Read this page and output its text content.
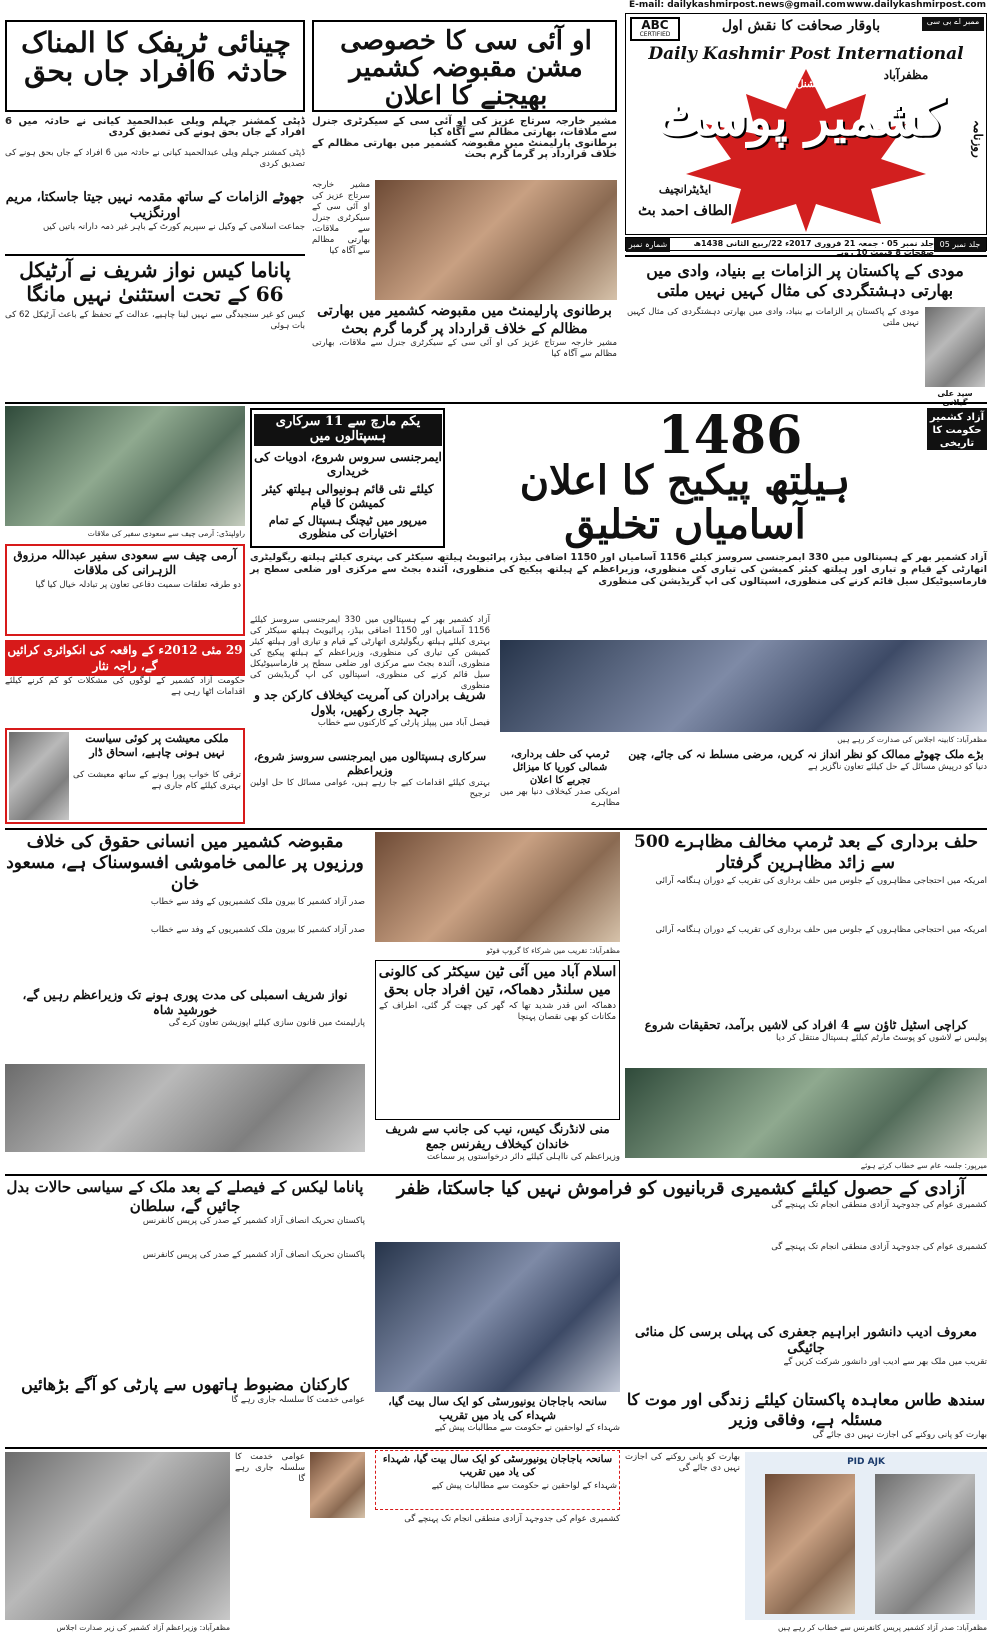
E-mail: dailykashmirpost.news@gmail.com www.dailykashmirpost.com
ABC
CERTIFIED
باوقار صحافت کا نقش اول	ممبر اے بی سی
Daily Kashmir Post International
کشمیر پوسٹ
انٹرنیشنل
مظفرآباد
روزنامہ
ایڈیٹرانچیف
الطاف احمد بٹ
شمارہ نمبر 357
جلد نمبر 05 · جمعہ 21 فروری 2017ء 22/ربیع الثانی 1438ھ صفحات 8 قیمت 10 روپے
جلد نمبر 05
چینائی ٹریفک کا المناک حادثہ 6افراد جاں بحق
ڈپٹی کمشنر جہلم ویلی عبدالحمید کیانی نے حادثہ میں 6 افراد کے جاں بحق ہونے کی تصدیق کردی
ڈپٹی کمشنر جہلم ویلی عبدالحمید کیانی نے حادثہ میں 6 افراد کے جاں بحق ہونے کی تصدیق کردی
او آئی سی کا خصوصی مشن مقبوضہ کشمیر بھیجنے کا اعلان
مشیر خارجہ سرتاج عزیز کی او آئی سی کے سیکرٹری جنرل سے ملاقات، بھارتی مظالم سے آگاہ کیا
برطانوی پارلیمنٹ میں مقبوضہ کشمیر میں بھارتی مظالم کے خلاف قرارداد پر گرما گرم بحث
مشیر خارجہ سرتاج عزیز کی او آئی سی کے سیکرٹری جنرل سے ملاقات، بھارتی مظالم سے آگاہ کیا
جھوٹے الزامات کے ساتھ مقدمہ نہیں جیتا جاسکتا، مریم اورنگزیب
جماعت اسلامی کے وکیل نے سپریم کورٹ کے باہر غیر ذمہ دارانہ باتیں کیں
پاناما کیس نواز شریف نے آرٹیکل 66 کے تحت استثنیٰ نہیں مانگا
کیس کو غیر سنجیدگی سے نہیں لینا چاہیے، عدالت کے تحفظ کے باعث آرٹیکل 62 کی بات ہوئی
برطانوی پارلیمنٹ میں مقبوضہ کشمیر میں بھارتی مظالم کے خلاف قرارداد پر گرما گرم بحث
مشیر خارجہ سرتاج عزیز کی او آئی سی کے سیکرٹری جنرل سے ملاقات، بھارتی مظالم سے آگاہ کیا
مودی کے پاکستان پر الزامات بے بنیاد، وادی میں بھارتی دہشتگردی کی مثال کہیں نہیں ملتی
سید علی
مودی کے پاکستان پر الزامات بے بنیاد، وادی میں بھارتی دہشتگردی کی مثال کہیں نہیں ملتی
راولپنڈی: آرمی چیف سے سعودی سفیر کی ملاقات
یکم مارچ سے 11 سرکاری ہسپتالوں میں
ایمرجنسی سروس شروع، ادویات کی خریداری
کیلئے نئی قائم ہونیوالی ہیلتھ کیئر کمیشن کا قیام
میرپور میں ٹیچنگ ہسپتال کے تمام اختیارات کی منظوری
آزاد کشمیر حکومت کا تاریخی کارنامہ
1486
ہیلتھ پیکیج کا اعلان
آسامیاں تخلیق
آزاد کشمیر بھر کے ہسپتالوں میں 330 ایمرجنسی سروسز کیلئے 1156 آسامیاں اور 1150 اضافی بیڈز، پرائیویٹ ہیلتھ سیکٹر کی بہتری کیلئے ہیلتھ ریگولیٹری اتھارٹی کے قیام و تیاری اور ہیلتھ کیئر کمیشن کی تیاری کی منظوری، وزیراعظم کے ہیلتھ پیکیج کی منظوری، آئندہ بجٹ سے مرکزی اور ضلعی سطح پر فارماسیوٹیکل سیل قائم کرنے کی منظوری، اسپتالوں کی اپ گریڈیشن کی منظوری
آرمی چیف سے سعودی سفیر عبداللہ مرزوق الزہرانی کی ملاقات
دو طرفہ تعلقات سمیت دفاعی تعاون پر تبادلہ خیال کیا گیا
29 مئی 2012ء کے واقعہ کی انکوائری کرائیں گے، راجہ نثار
حکومت آزاد کشمیر کے لوگوں کی مشکلات کو کم کرنے کیلئے اقدامات اٹھا رہی ہے
ملکی معیشت پر کوئی سیاست نہیں ہونی چاہیے، اسحاق ڈار
ترقی کا خواب پورا ہونے کے ساتھ معیشت کی بہتری کیلئے کام جاری ہے
آزاد کشمیر بھر کے ہسپتالوں میں 330 ایمرجنسی سروسز کیلئے 1156 آسامیاں اور 1150 اضافی بیڈز، پرائیویٹ ہیلتھ سیکٹر کی بہتری کیلئے ہیلتھ ریگولیٹری اتھارٹی کے قیام و تیاری اور ہیلتھ کیئر کمیشن کی تیاری کی منظوری، وزیراعظم کے ہیلتھ پیکیج کی منظوری، آئندہ بجٹ سے مرکزی اور ضلعی سطح پر فارماسیوٹیکل سیل قائم کرنے کی منظوری، اسپتالوں کی اپ گریڈیشن کی منظوری
مظفرآباد: کابینہ اجلاس کی صدارت کر رہے ہیں
شریف برادران کی آمریت کیخلاف کارکن جد و جہد جاری رکھیں، بلاول
فیصل آباد میں پیپلز پارٹی کے کارکنوں سے خطاب
سرکاری ہسپتالوں میں ایمرجنسی سروسز شروع، وزیراعظم
بہتری کیلئے اقدامات کیے جا رہے ہیں، عوامی مسائل کا حل اولین ترجیح
بڑے ملک چھوٹے ممالک کو نظر انداز نہ کریں، مرضی مسلط نہ کی جائے، چین
دنیا کو درپیش مسائل کے حل کیلئے تعاون ناگزیر ہے
ٹرمپ کی حلف برداری، شمالی کوریا کا میزائل تجربے کا اعلان
امریکی صدر کیخلاف دنیا بھر میں مظاہرے
مقبوضہ کشمیر میں انسانی حقوق کی خلاف ورزیوں پر عالمی خاموشی افسوسناک ہے، مسعود خان
صدر آزاد کشمیر کا بیرون ملک کشمیریوں کے وفد سے خطاب
حلف برداری کے بعد ٹرمپ مخالف مظاہرے 500 سے زائد مظاہرین گرفتار
امریکہ میں احتجاجی مظاہروں کے جلوس میں حلف برداری کی تقریب کے دوران ہنگامہ آرائی
صدر آزاد کشمیر کا بیرون ملک کشمیریوں کے وفد سے خطاب
نواز شریف اسمبلی کی مدت پوری ہونے تک وزیراعظم رہیں گے، خورشید شاہ
پارلیمنٹ میں قانون سازی کیلئے اپوزیشن تعاون کرے گی
مظفرآباد: تقریب میں شرکاء کا گروپ فوٹو
اسلام آباد میں آئی ٹین سیکٹر کی کالونی میں سلنڈر دھماکہ، تین افراد جاں بحق
دھماکہ اس قدر شدید تھا کہ گھر کی چھت گر گئی، اطراف کے مکانات کو بھی نقصان پہنچا
امریکہ میں احتجاجی مظاہروں کے جلوس میں حلف برداری کی تقریب کے دوران ہنگامہ آرائی
کراچی اسٹیل ٹاؤن سے 4 افراد کی لاشیں برآمد، تحقیقات شروع
پولیس نے لاشوں کو پوسٹ مارٹم کیلئے ہسپتال منتقل کر دیا
میرپور: جلسہ عام سے خطاب کرتے ہوئے
منی لانڈرنگ کیس، نیب کی جانب سے شریف خاندان کیخلاف ریفرنس جمع
وزیراعظم کی نااہلی کیلئے دائر درخواستوں پر سماعت
پاناما لیکس کے فیصلے کے بعد ملک کے سیاسی حالات بدل جائیں گے، سلطان
پاکستان تحریک انصاف آزاد کشمیر کے صدر کی پریس کانفرنس
آزادی کے حصول کیلئے کشمیری قربانیوں کو فراموش نہیں کیا جاسکتا، ظفر
کشمیری عوام کی جدوجہد آزادی منطقی انجام تک پہنچے گی
پاکستان تحریک انصاف آزاد کشمیر کے صدر کی پریس کانفرنس
کشمیری عوام کی جدوجہد آزادی منطقی انجام تک پہنچے گی
معروف ادیب دانشور ابراہیم جعفری کی پہلی برسی کل منائی جائیگی
تقریب میں ملک بھر سے ادیب اور دانشور شرکت کریں گے
کارکنان مضبوط ہاتھوں سے پارٹی کو آگے بڑھائیں
عوامی خدمت کا سلسلہ جاری رہے گا	سانحہ باجاجان یونیورسٹی کو ایک سال بیت گیا، شہداء کی یاد میں تقریب
شہداء کے لواحقین نے حکومت سے مطالبات پیش کیے
سندھ طاس معاہدہ پاکستان کیلئے زندگی اور موت کا مسئلہ ہے، وفاقی وزیر
بھارت کو پانی روکنے کی اجازت نہیں دی جائے گی
مظفرآباد: وزیراعظم آزاد کشمیر کی زیر صدارت اجلاس
عوامی خدمت کا سلسلہ جاری رہے گا
سانحہ باجاجان یونیورسٹی کو ایک سال بیت گیا، شہداء کی یاد میں تقریب
شہداء کے لواحقین نے حکومت سے مطالبات پیش کیے
کشمیری عوام کی جدوجہد آزادی منطقی انجام تک پہنچے گی
بھارت کو پانی روکنے کی اجازت نہیں دی جائے گی
PID AJK
مظفرآباد: صدر آزاد کشمیر پریس کانفرنس سے خطاب کر رہے ہیں
